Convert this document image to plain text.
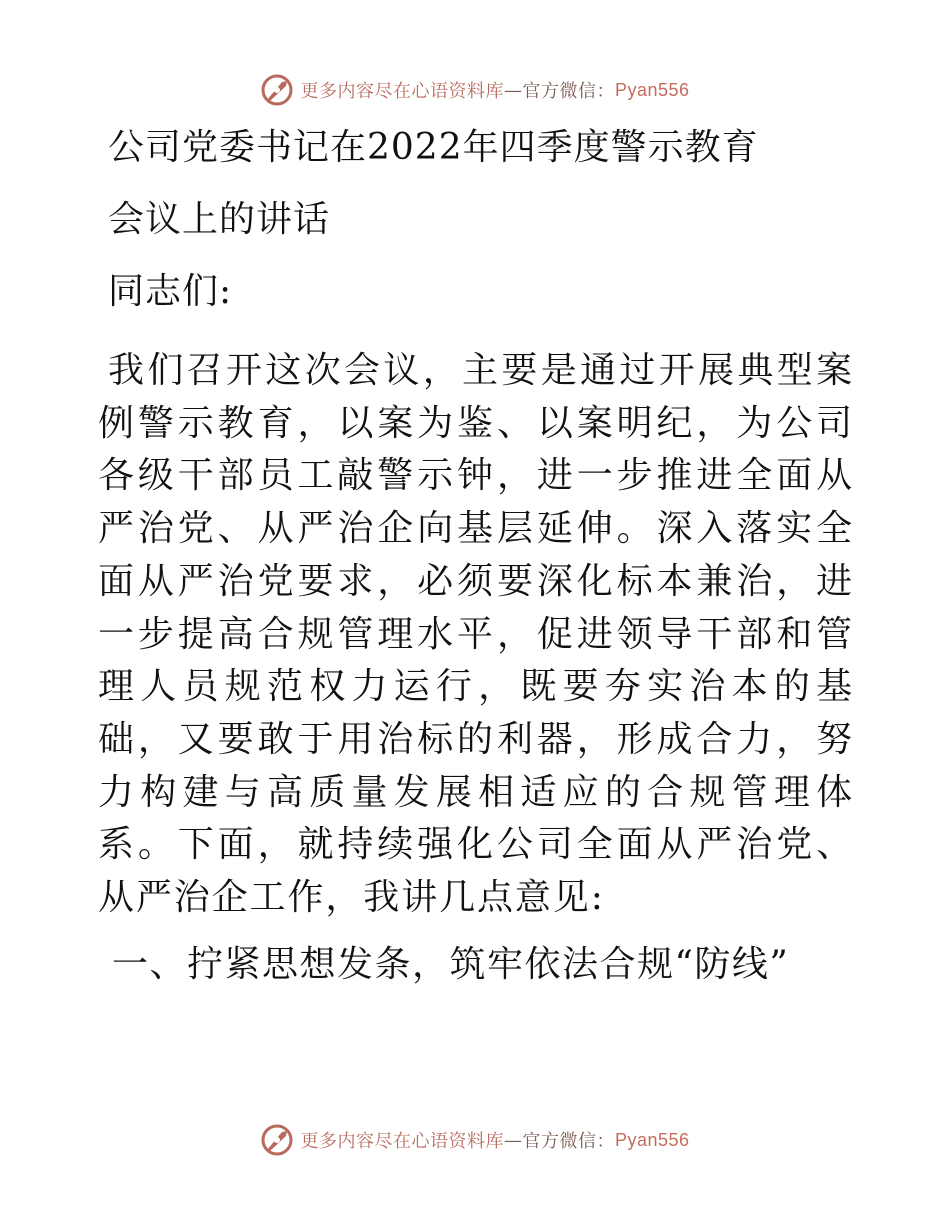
更多内容尽在心语资料库 — 官方微信： Pyan556
公司党委书记在2022年四季度警示教育
会议上的讲话
同志们:
我们召开这次会议，主要是通过开展典型案例警示教育，以案为鉴、以案明纪，为公司各级干部员工敲警示钟，进一步推进全面从严治党、从严治企向基层延伸。深入落实全面从严治党要求，必须要深化标本兼治，进一步提高合规管理水平，促进领导干部和管理人员规范权力运行，既要夯实治本的基础，又要敢于用治标的利器，形成合力，努力构建与高质量发展相适应的合规管理体系。下面，就持续强化公司全面从严治党、从严治企工作，我讲几点意见:
一、拧紧思想发条，筑牢依法合规“防线”
更多内容尽在心语资料库 — 官方微信： Pyan556
